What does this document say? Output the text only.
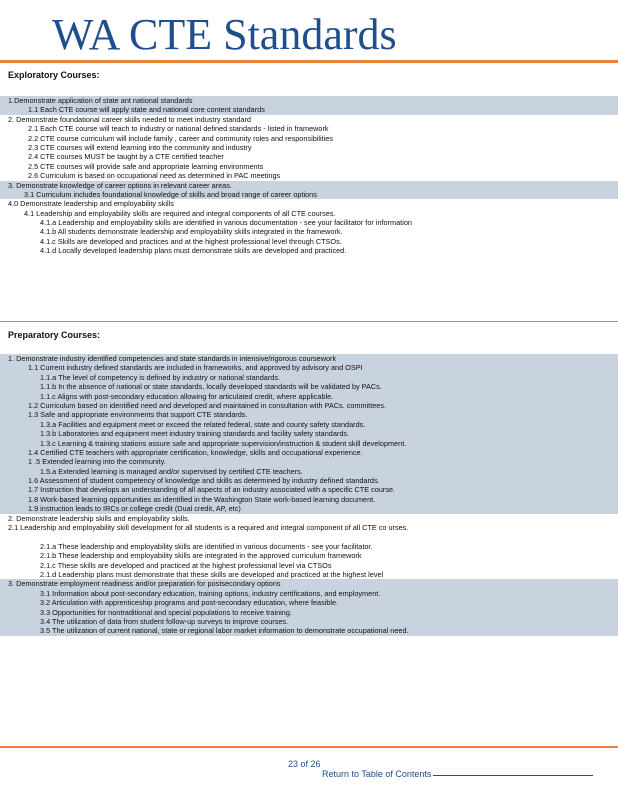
WA CTE Standards

Exploratory Courses:

1.Demonstrate application of state ant national standards
1.1 Each CTE course will apply state and national core content standards
2. Demonstrate foundational career skills needed to meet industry standard
2.1 Each CTE course will teach to industry or national defined standards - listed in framework
2.2 CTE course curriculum will include family , career and community roles and responsibilities
2.3 CTE courses will extend learning into the community and industry
2.4 CTE courses MUST be taught by a CTE certified teacher
2.5 CTE courses will provide safe and appropriate learning environments
2.6 Curriculum is based on occupational need as determined in PAC meetings
3. Demonstrate knowledge of career options in relevant career areas.
3.1 Curriculum includes foundational knowledge of skills and broad range of career options
4.0 Demonstrate leadership and employability skills
4.1 Leadership and employability skills are required and integral components of all CTE courses.
4.1.a Leadership and employability skills are identified in various documentation - see your facilitator for information
4.1.b All students demonstrate leadership and employability skills integrated in the framework.
4.1.c Skills are developed and practices and at the highest professional level through CTSOs.
4.1.d Locally developed leadership plans must demonstrate skills are developed and practiced.

Preparatory Courses:

1. Demonstrate industry identified competencies and state standards in intensive/rigorous coursework
1.1 Current industry defined standards are included in frameworks, and approved by advisory and OSPI
1.1.a The level of competency is defined by industry or national standards.
1.1.b In the absence of national or state standards, locally developed standards will be validated by PACs.
1.1.c Aligns with post-secondary education allowing for articulated credit, where applicable.
1.2 Curriculum based on identified need and developed and maintained in consultation with PACs. committees.
1.3 Safe and appropriate environments that support CTE standards.
1.3.a Facilities and equipment meet or exceed the related federal, state and county safety standards.
1.3.b Laboratories and equipment meet industry training standards and facility safety standards.
1.3.c Learning & training stations assure safe and appropriate supervision/instruction & student skill development.
1.4 Certified CTE teachers with appropriate certification, knowledge, skills and occupational experience.
1 .5 Extended learning into the community.
1.5.a Extended learning is managed and/or supervised by certified CTE teachers.
1.6 Assessment of student competency of knowledge and skills as determined by industry defined standards.
1.7 Instruction that develops an understanding of all aspects of an industry associated with a specific CTE course.
1.8 Work-based learning opportunities as identified in the Washington State work-based learning document.
1.9 instruction leads to IRCs or college credit (Dual credit, AP, etc)
2. Demonstrate leadership skills and employability skills.
2.1 Leadership and employability skill development for all students is a required and integral component of all CTE co urses.
2.1.a These leadership and employability skills are identified in various documents - see your facilitator.
2.1.b These leadership and employability skills are integrated in the approved curriculum framework
2.1.c These skills are developed and practiced at the highest professional level via CTSOs
2.1.d Leadership plans must demonstrate that these skills are developed and practiced at the highest level
3. Demonstrate employment readiness and/or preparation for postsecondary options
3.1 Information about post-secondary education, training options, industry certifications, and employment.
3.2 Articulation with apprenticeship programs and post-secondary education, where feasible.
3.3 Opportunities for nontraditional and special populations to receive training.
3.4 The utilization of data from student follow-up surveys to improve courses.
3.5 The utilization of current national, state or regional labor market information to demonstrate occupational need.
23 of 26
Return to Table of Contents
